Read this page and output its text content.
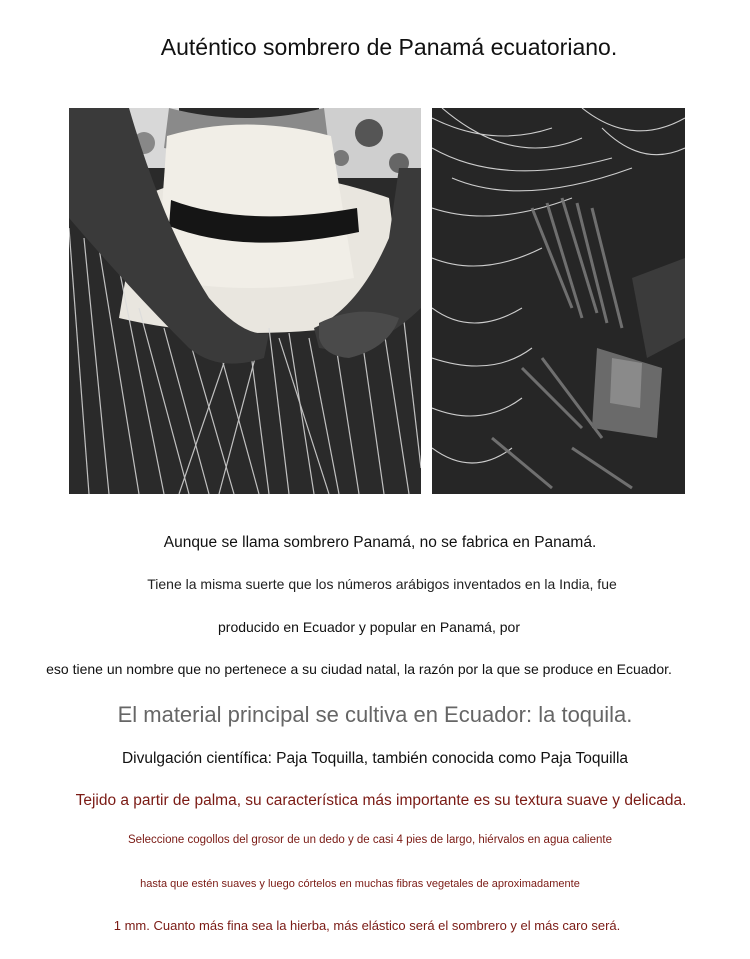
Auténtico sombrero de Panamá ecuatoriano.
Aunque se llama sombrero Panamá, no se fabrica en Panamá.
Tiene la misma suerte que los números arábigos inventados en la India, fue
producido en Ecuador y popular en Panamá, por
eso tiene un nombre que no pertenece a su ciudad natal, la razón por la que se produce en Ecuador.
El material principal se cultiva en Ecuador: la toquila.
Divulgación científica: Paja Toquilla, también conocida como Paja Toquilla
Tejido a partir de palma, su característica más importante es su textura suave y delicada.
Seleccione cogollos del grosor de un dedo y de casi 4 pies de largo, hiérvalos en agua caliente
hasta que estén suaves y luego córtelos en muchas fibras vegetales de aproximadamente
1 mm. Cuanto más fina sea la hierba, más elástico será el sombrero y el más caro será.
